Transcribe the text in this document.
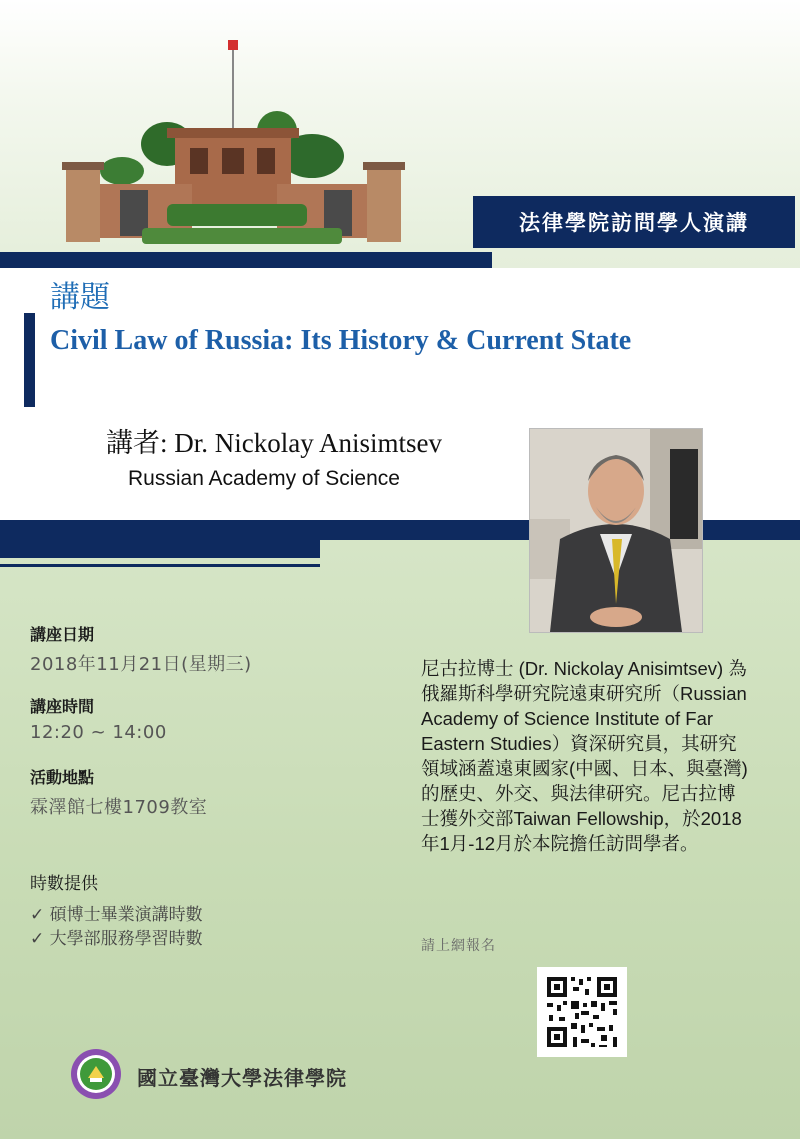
法律學院訪問學人演講
講題
Civil Law of Russia: Its History & Current State
講者: Dr. Nickolay Anisimtsev
Russian Academy of Science
講座日期
2018年11月21日(星期三)
講座時間
12:20 ~ 14:00
活動地點
霖澤館七樓1709教室
時數提供
✓ 碩博士畢業演講時數
✓ 大學部服務學習時數
尼古拉博士 (Dr. Nickolay Anisimtsev) 為俄羅斯科學研究院遠東研究所（Russian Academy of Science Institute of Far Eastern Studies）資深研究員，其研究領域涵蓋遠東國家(中國、日本、與臺灣)的歷史、外交、與法律研究。尼古拉博士獲外交部Taiwan Fellowship，於2018年1月-12月於本院擔任訪問學者。
請上網報名
國立臺灣大學法律學院
